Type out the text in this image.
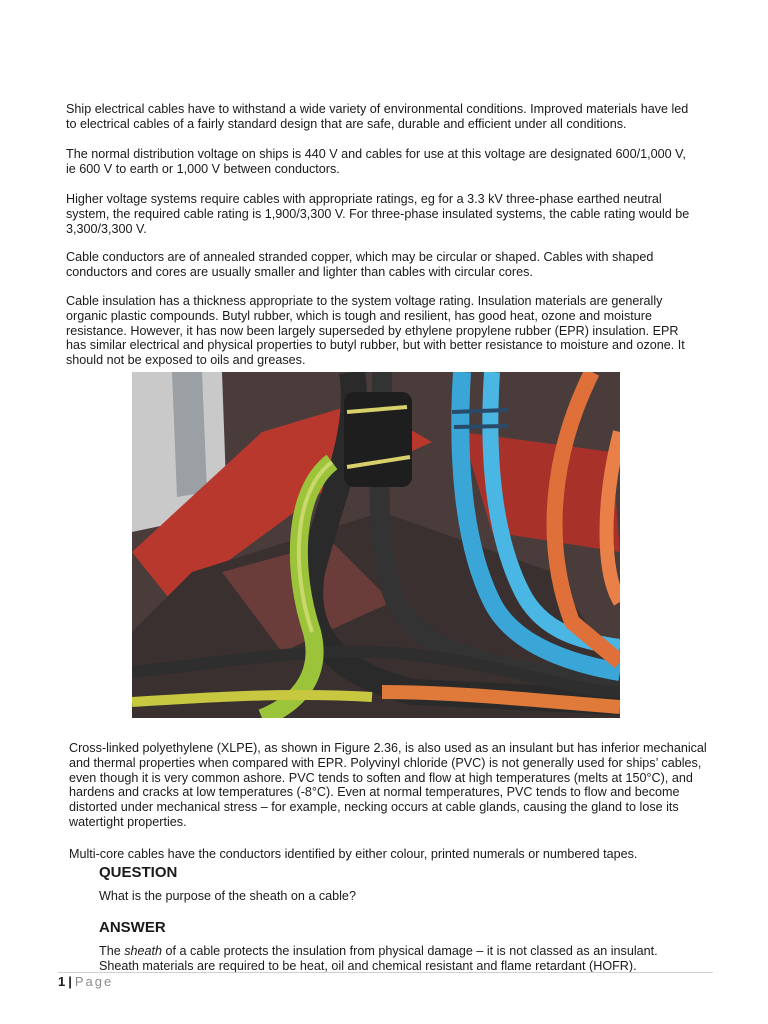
Ship electrical cables have to withstand a wide variety of environmental conditions. Improved materials have led to electrical cables of a fairly standard design that are safe, durable and efficient under all conditions.

The normal distribution voltage on ships is 440 V and cables for use at this voltage are designated 600/1,000 V, ie 600 V to earth or 1,000 V between conductors.

Higher voltage systems require cables with appropriate ratings, eg for a 3.3 kV three-phase earthed neutral system, the required cable rating is 1,900/3,300 V. For three-phase insulated systems, the cable rating would be 3,300/3,300 V.

Cable conductors are of annealed stranded copper, which may be circular or shaped. Cables with shaped conductors and cores are usually smaller and lighter than cables with circular cores.

Cable insulation has a thickness appropriate to the system voltage rating. Insulation materials are generally organic plastic compounds. Butyl rubber, which is tough and resilient, has good heat, ozone and moisture resistance. However, it has now been largely superseded by ethylene propylene rubber (EPR) insulation. EPR has similar electrical and physical properties to butyl rubber, but with better resistance to moisture and ozone. It should not be exposed to oils and greases.

Cross-linked polyethylene (XLPE), as shown in Figure 2.36, is also used as an insulant but has inferior mechanical and thermal properties when compared with EPR. Polyvinyl chloride (PVC) is not generally used for ships’ cables, even though it is very common ashore. PVC tends to soften and flow at high temperatures (melts at 150°C), and hardens and cracks at low temperatures (-8°C). Even at normal temperatures, PVC tends to flow and become distorted under mechanical stress – for example, necking occurs at cable glands, causing the gland to lose its watertight properties.

Multi-core cables have the conductors identified by either colour, printed numerals or numbered tapes.

QUESTION

What is the purpose of the sheath on a cable?

ANSWER

The sheath of a cable protects the insulation from physical damage – it is not classed as an insulant. Sheath materials are required to be heat, oil and chemical resistant and flame retardant (HOFR).

1 | Page
